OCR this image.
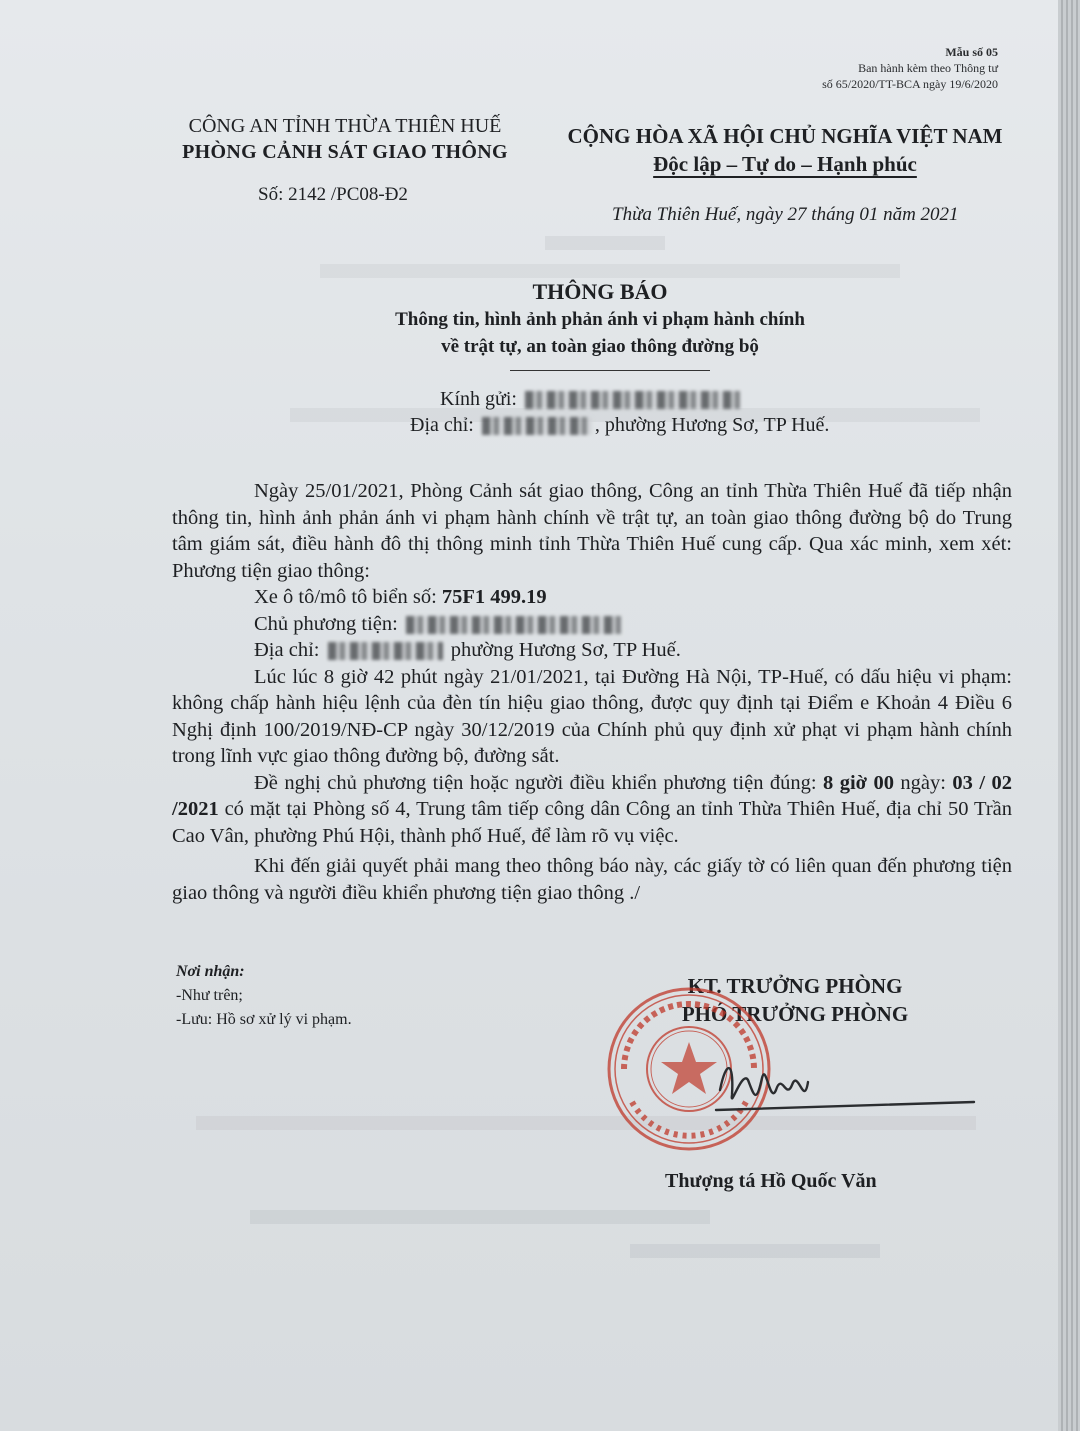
Mẫu số 05
Ban hành kèm theo Thông tư
số 65/2020/TT-BCA ngày 19/6/2020
CÔNG AN TỈNH THỪA THIÊN HUẾ
PHÒNG CẢNH SÁT GIAO THÔNG
CỘNG HÒA XÃ HỘI CHỦ NGHĨA VIỆT NAM
Độc lập – Tự do – Hạnh phúc
Số: 2142 /PC08-Đ2
Thừa Thiên Huế, ngày 27 tháng 01 năm 2021
THÔNG BÁO
Thông tin, hình ảnh phản ánh vi phạm hành chính
về trật tự, an toàn giao thông đường bộ
Kính gửi:
Địa chỉ:	, phường Hương Sơ, TP Huế.

Ngày 25/01/2021, Phòng Cảnh sát giao thông, Công an tỉnh Thừa Thiên Huế đã tiếp nhận thông tin, hình ảnh phản ánh vi phạm hành chính về trật tự, an toàn giao thông đường bộ do Trung tâm giám sát, điều hành đô thị thông minh tỉnh Thừa Thiên Huế cung cấp. Qua xác minh, xem xét: Phương tiện giao thông:

Xe ô tô/mô tô biển số: 75F1 499.19

Chủ phương tiện:

Địa chỉ:	phường Hương Sơ, TP Huế.

Lúc lúc 8 giờ 42 phút ngày 21/01/2021, tại Đường Hà Nội, TP-Huế, có dấu hiệu vi phạm: không chấp hành hiệu lệnh của đèn tín hiệu giao thông, được quy định tại Điểm e Khoản 4 Điều 6 Nghị định 100/2019/NĐ-CP ngày 30/12/2019 của Chính phủ quy định xử phạt vi phạm hành chính trong lĩnh vực giao thông đường bộ, đường sắt.

Đề nghị chủ phương tiện hoặc người điều khiển phương tiện đúng: 8 giờ 00 ngày: 03 / 02 /2021 có mặt tại Phòng số 4, Trung tâm tiếp công dân Công an tỉnh Thừa Thiên Huế, địa chỉ 50 Trần Cao Vân, phường Phú Hội, thành phố Huế, để làm rõ vụ việc.

Khi đến giải quyết phải mang theo thông báo này, các giấy tờ có liên quan đến phương tiện giao thông và người điều khiển phương tiện giao thông ./

Nơi nhận:
-Như trên;
-Lưu: Hồ sơ xử lý vi phạm.
KT. TRƯỞNG PHÒNG
PHÓ TRƯỞNG PHÒNG
Thượng tá Hồ Quốc Văn
